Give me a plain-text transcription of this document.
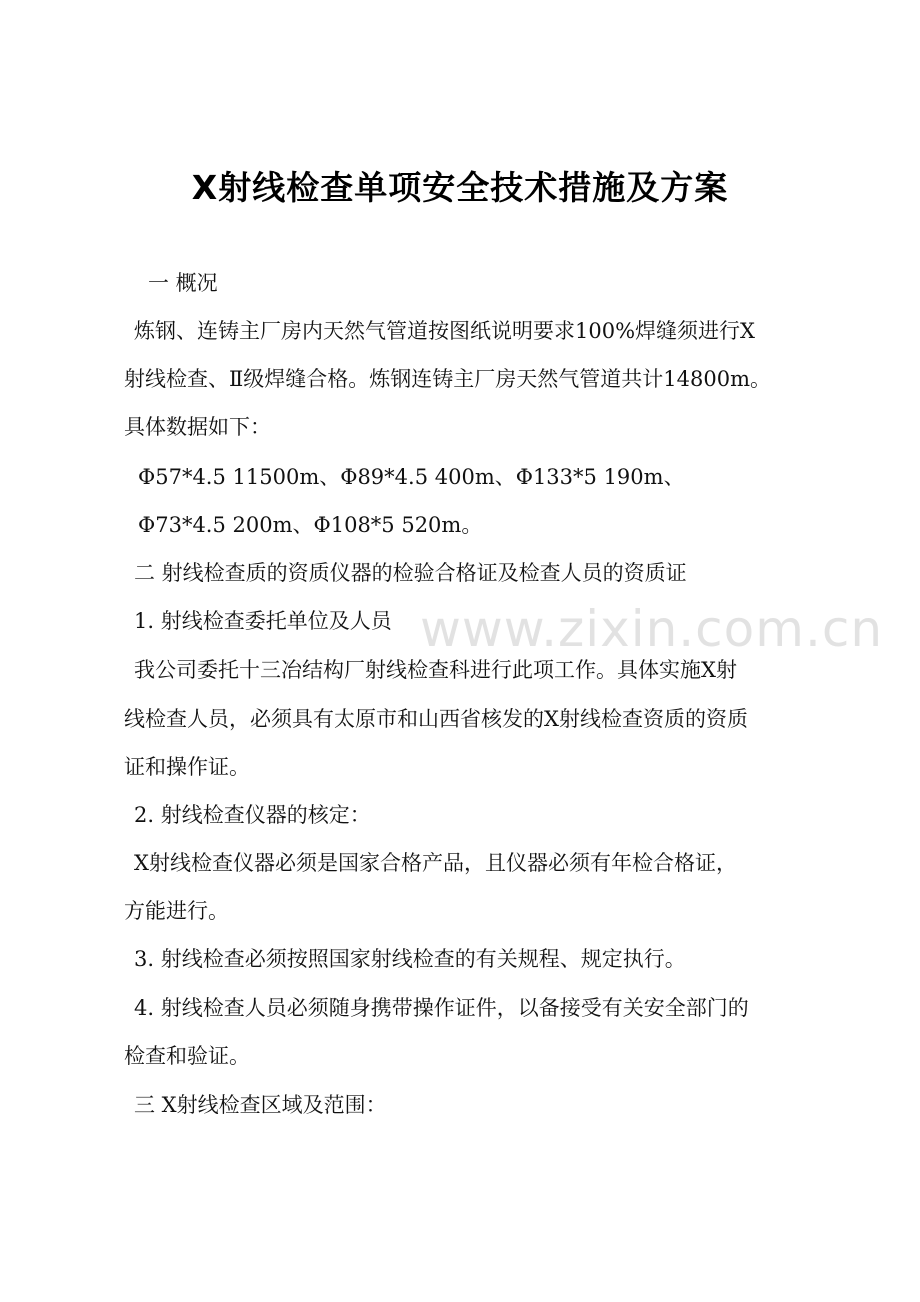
X射线检查单项安全技术措施及方案

一 概况

炼钢、连铸主厂房内天然气管道按图纸说明要求100%焊缝须进行X

射线检查、Ⅱ级焊缝合格。炼钢连铸主厂房天然气管道共计14800m。

具体数据如下：

Φ57*4.5 11500m、Φ89*4.5 400m、Φ133*5 190m、

Φ73*4.5 200m、Φ108*5 520m。

二 射线检查质的资质仪器的检验合格证及检查人员的资质证

1. 射线检查委托单位及人员

我公司委托十三冶结构厂射线检查科进行此项工作。具体实施X射

线检查人员，必须具有太原市和山西省核发的X射线检查资质的资质

证和操作证。

2. 射线检查仪器的核定：

X射线检查仪器必须是国家合格产品，且仪器必须有年检合格证，

方能进行。

3. 射线检查必须按照国家射线检查的有关规程、规定执行。

4. 射线检查人员必须随身携带操作证件，以备接受有关安全部门的

检查和验证。

三 X射线检查区域及范围：

www.zixin.com.cn
